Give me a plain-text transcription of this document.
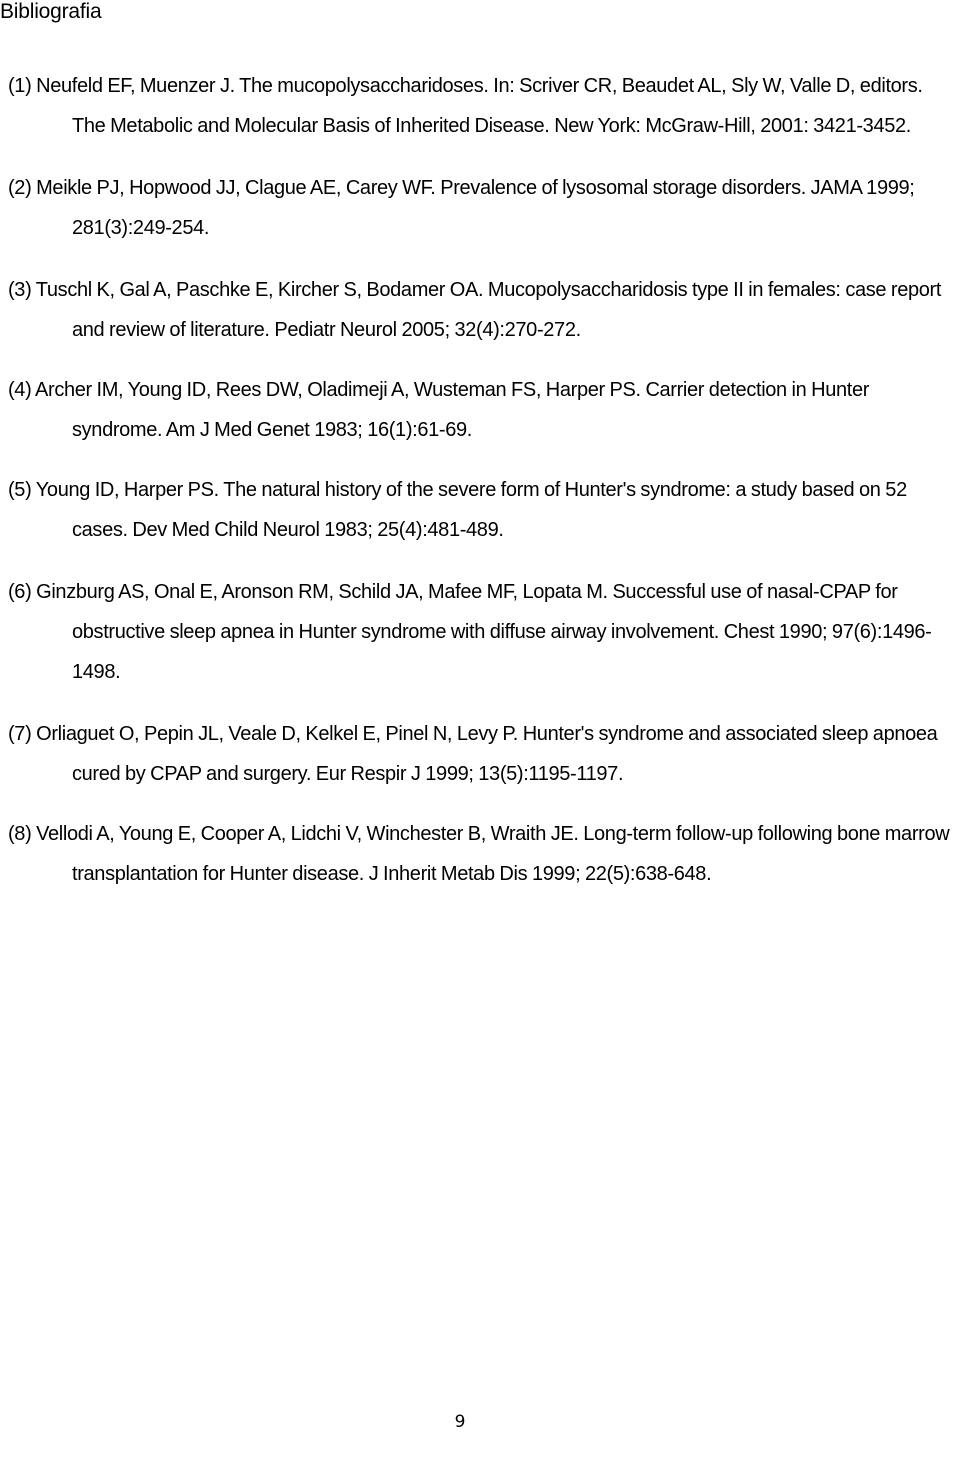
Bibliografia
(1) Neufeld EF, Muenzer J. The mucopolysaccharidoses. In: Scriver CR, Beaudet AL, Sly W, Valle D, editors. The Metabolic and Molecular Basis of Inherited Disease. New York: McGraw-Hill, 2001: 3421-3452.
(2) Meikle PJ, Hopwood JJ, Clague AE, Carey WF. Prevalence of lysosomal storage disorders. JAMA 1999; 281(3):249-254.
(3) Tuschl K, Gal A, Paschke E, Kircher S, Bodamer OA. Mucopolysaccharidosis type II in females: case report and review of literature. Pediatr Neurol 2005; 32(4):270-272.
(4) Archer IM, Young ID, Rees DW, Oladimeji A, Wusteman FS, Harper PS. Carrier detection in Hunter syndrome. Am J Med Genet 1983; 16(1):61-69.
(5) Young ID, Harper PS. The natural history of the severe form of Hunter's syndrome: a study based on 52 cases. Dev Med Child Neurol 1983; 25(4):481-489.
(6) Ginzburg AS, Onal E, Aronson RM, Schild JA, Mafee MF, Lopata M. Successful use of nasal-CPAP for obstructive sleep apnea in Hunter syndrome with diffuse airway involvement. Chest 1990; 97(6):1496-1498.
(7) Orliaguet O, Pepin JL, Veale D, Kelkel E, Pinel N, Levy P. Hunter's syndrome and associated sleep apnoea cured by CPAP and surgery. Eur Respir J 1999; 13(5):1195-1197.
(8) Vellodi A, Young E, Cooper A, Lidchi V, Winchester B, Wraith JE. Long-term follow-up following bone marrow transplantation for Hunter disease. J Inherit Metab Dis 1999; 22(5):638-648.
9
